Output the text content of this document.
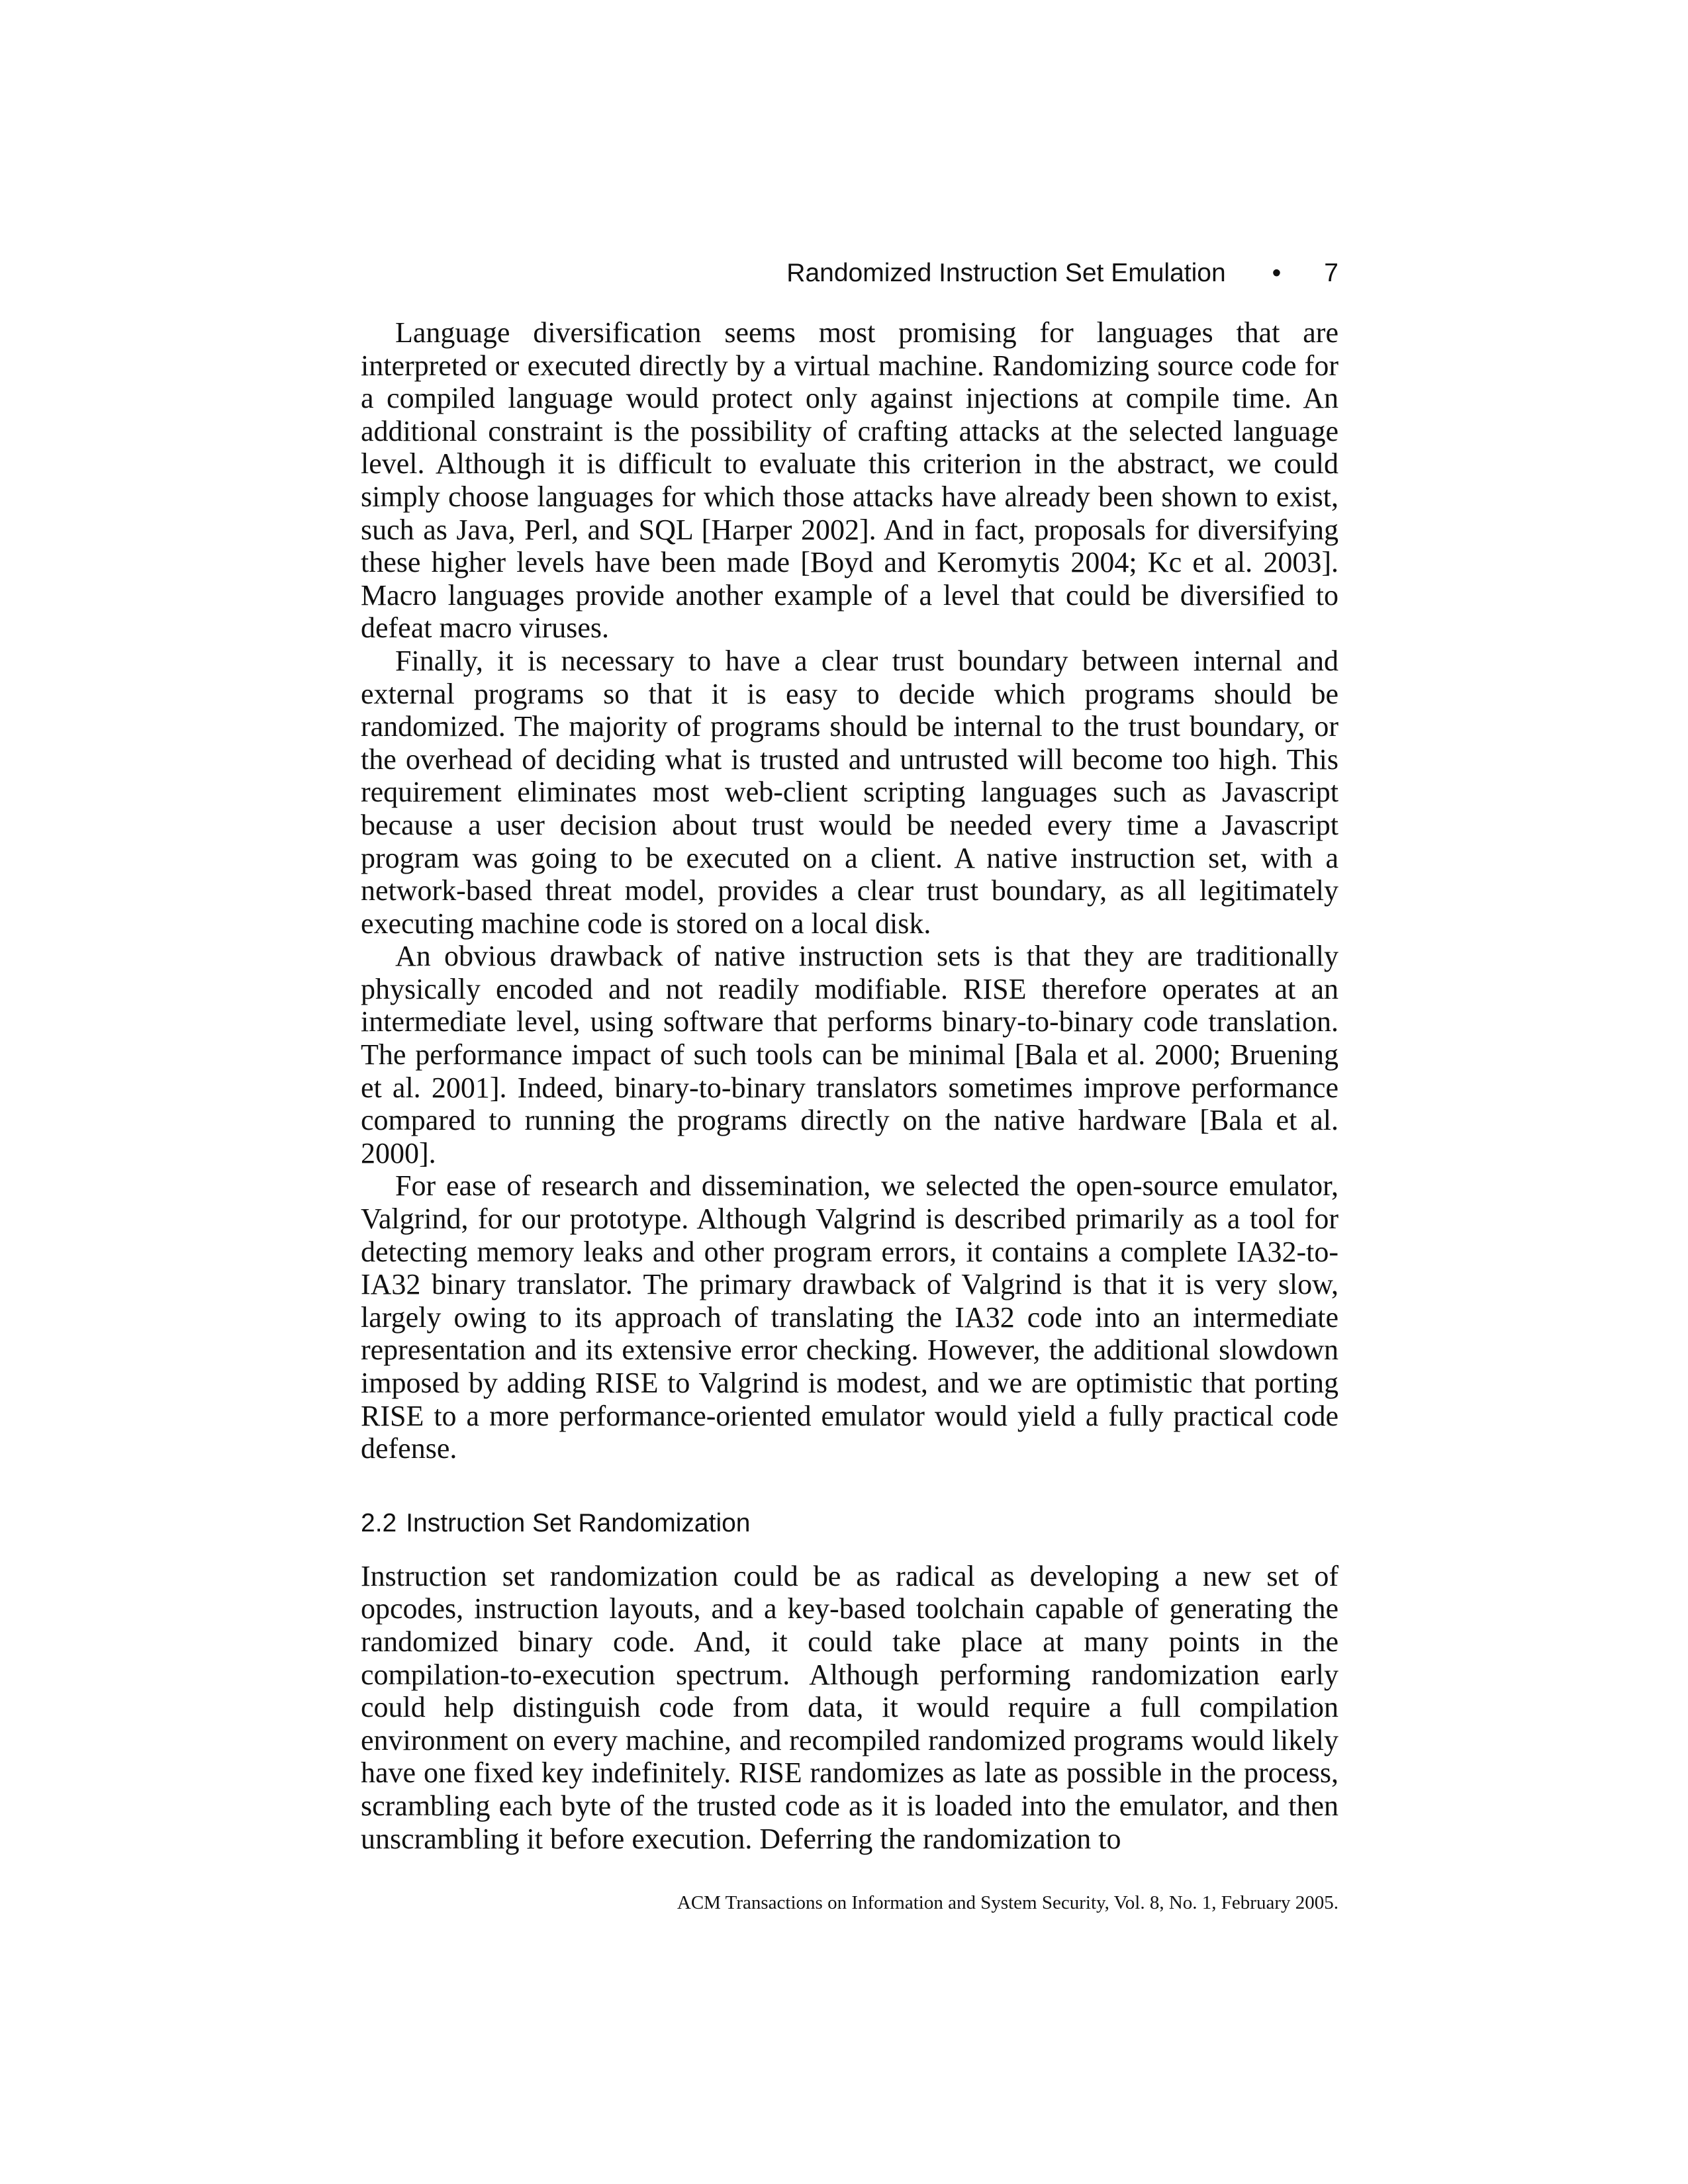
Randomized Instruction Set Emulation • 7

Language diversification seems most promising for languages that are interpreted or executed directly by a virtual machine. Randomizing source code for a compiled language would protect only against injections at compile time. An additional constraint is the possibility of crafting attacks at the selected language level. Although it is difficult to evaluate this criterion in the abstract, we could simply choose languages for which those attacks have already been shown to exist, such as Java, Perl, and SQL [Harper 2002]. And in fact, proposals for diversifying these higher levels have been made [Boyd and Keromytis 2004; Kc et al. 2003]. Macro languages provide another example of a level that could be diversified to defeat macro viruses.

Finally, it is necessary to have a clear trust boundary between internal and external programs so that it is easy to decide which programs should be randomized. The majority of programs should be internal to the trust boundary, or the overhead of deciding what is trusted and untrusted will become too high. This requirement eliminates most web-client scripting languages such as Javascript because a user decision about trust would be needed every time a Javascript program was going to be executed on a client. A native instruction set, with a network-based threat model, provides a clear trust boundary, as all legitimately executing machine code is stored on a local disk.

An obvious drawback of native instruction sets is that they are traditionally physically encoded and not readily modifiable. RISE therefore operates at an intermediate level, using software that performs binary-to-binary code translation. The performance impact of such tools can be minimal [Bala et al. 2000; Bruening et al. 2001]. Indeed, binary-to-binary translators sometimes improve performance compared to running the programs directly on the native hardware [Bala et al. 2000].

For ease of research and dissemination, we selected the open-source emulator, Valgrind, for our prototype. Although Valgrind is described primarily as a tool for detecting memory leaks and other program errors, it contains a complete IA32-to-IA32 binary translator. The primary drawback of Valgrind is that it is very slow, largely owing to its approach of translating the IA32 code into an intermediate representation and its extensive error checking. However, the additional slowdown imposed by adding RISE to Valgrind is modest, and we are optimistic that porting RISE to a more performance-oriented emulator would yield a fully practical code defense.

2.2 Instruction Set Randomization

Instruction set randomization could be as radical as developing a new set of opcodes, instruction layouts, and a key-based toolchain capable of generating the randomized binary code. And, it could take place at many points in the compilation-to-execution spectrum. Although performing randomization early could help distinguish code from data, it would require a full compilation environment on every machine, and recompiled randomized programs would likely have one fixed key indefinitely. RISE randomizes as late as possible in the process, scrambling each byte of the trusted code as it is loaded into the emulator, and then unscrambling it before execution. Deferring the randomization to

ACM Transactions on Information and System Security, Vol. 8, No. 1, February 2005.
